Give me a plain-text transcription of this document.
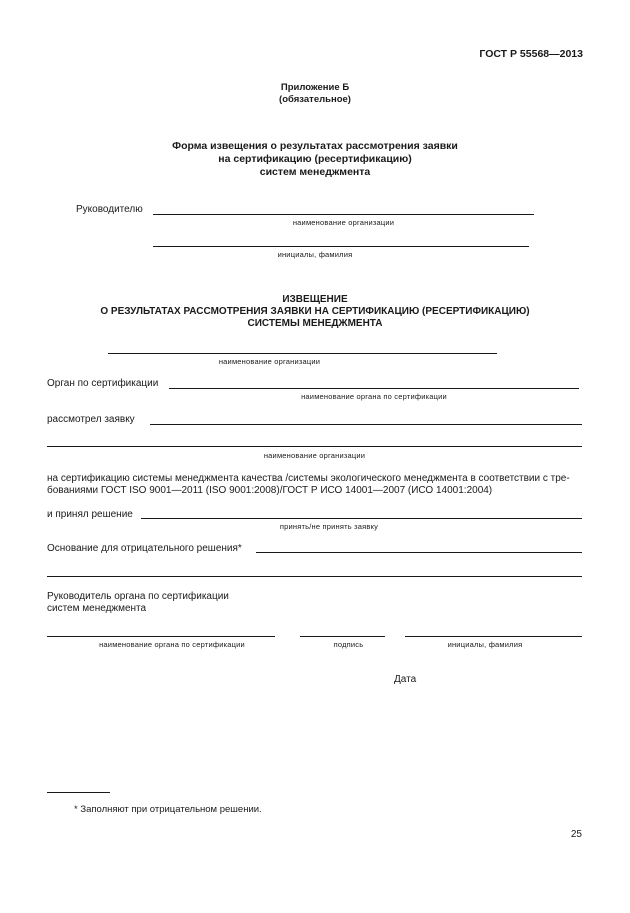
ГОСТ Р 55568—2013
Приложение Б
(обязательное)
Форма извещения о результатах рассмотрения заявки
на сертификацию (ресертификацию)
систем менеджмента
Руководителю
наименование организации
инициалы, фамилия
ИЗВЕЩЕНИЕ
О РЕЗУЛЬТАТАХ РАССМОТРЕНИЯ ЗАЯВКИ НА СЕРТИФИКАЦИЮ (РЕСЕРТИФИКАЦИЮ)
СИСТЕМЫ МЕНЕДЖМЕНТА
наименование организации
Орган по сертификации
наименование органа по сертификации
рассмотрел заявку
наименование организации
на сертификацию системы менеджмента качества /системы экологического менеджмента в соответствии с тре-
бованиями ГОСТ ISO 9001—2011 (ISO 9001:2008)/ГОСТ Р ИСО 14001—2007 (ИСО 14001:2004)
и принял решение
принять/не принять заявку
Основание для отрицательного решения*
Руководитель органа по сертификации
систем менеджмента
наименование органа по сертификации	подпись	инициалы, фамилия
Дата
* Заполняют при отрицательном решении.
25
